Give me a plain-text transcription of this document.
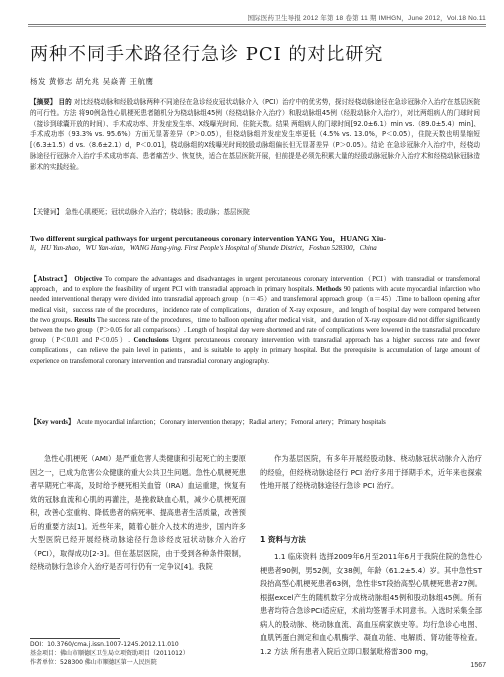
国际医药卫生导报 2012 年第 18 卷第 11 期 IMHGN，June 2012，Vol.18 No.11
两种不同手术路径行急诊 PCI 的对比研究
杨发 黄修志 胡允兆 吴焱菁 王航鹰
【摘要】 目的 对比经桡动脉和经股动脉两种不同途径在急诊经皮冠状动脉介入（PCI）治疗中的优劣势，探讨经桡动脉途径在急诊冠脉介入治疗在基层医院的可行性。方法 将90例急性心肌梗死患者随机分为桡动脉组45例（经桡动脉介入治疗）和股动脉组45例（经股动脉介入治疗），对比两组病人的门球时间（接诊到球囊开放的时间）、手术成功率、并发症发生率、X线曝光时间、住院天数。结果 两组病人的门球时间[92.0±6.1）min vs.（89.0±5.4）min]、手术成功率（93.3% vs. 95.6%）方面无显著差异（P＞0.05），但桡动脉组并发症发生率更低（4.5% vs. 13.0%，P＜0.05），住院天数也明显缩短[（6.3±1.5）d vs.（8.6±2.1）d，P＜0.01]，桡动脉组的X线曝光时间较股动脉组偏长但无显著差异（P＞0.05）。结论 在急诊冠脉介入治疗中，经桡动脉途径行冠脉介入治疗手术成功率高、患者痛苦少、恢复快，适合在基层医院开展，但前提是必须先积累大量的经股动脉冠脉介入治疗术和经桡动脉冠脉造影术的实践经验。
【关键词】 急性心肌梗死；冠状动脉介入治疗；桡动脉；股动脉；基层医院
Two different surgical pathways for urgent percutaneous coronary intervention YANG You，HUANG Xiu-
li，HU Yun-zhao，WU Yan-xian，WANG Hang-ying. First People's Hospital of Shunde District，Foshan 528300，China
【Abstract】 Objective To compare the advantages and disadvantages in urgent percutaneous coronary intervention（PCI）with transradial or transfemoral approach，and to explore the feasibility of urgent PCI with transradial approach in primary hospitals. Methods 90 patients with acute myocardial infarction who needed interventional therapy were divided into transradial approach group（n＝45）and transfemoral approach group（n＝45）.Time to balloon opening after medical visit，success rate of the procedures，incidence rate of complications，duration of X-ray exposure，and length of hospital day were compared between the two groups. Results The success rate of the procedures，time to balloon opening after medical visit，and duration of X-ray exposure did not differ significantly between the two group（P＞0.05 for all comparisons）. Length of hospital day were shortened and rate of complications were lowered in the transradial procedure group（P＜0.01 and P＜0.05）. Conclusions Urgent percutaneous coronary intervention with transradial approach has a higher success rate and fewer complications，can relieve the pain level in patients，and is suitable to apply in primary hospital. But the prerequisite is accumulation of large amount of experience on transfemoral coronary intervention and transradial coronary angiography.
【Key words】 Acute myocardial infarction；Coronary intervention therapy；Radial artery；Femoral artery；Primary hospitals
急性心肌梗死（AMI）是严重危害人类健康和引起死亡的主要原因之一，已成为危害公众健康的重大公共卫生问题。急性心肌梗死患者早期死亡率高，及时给予梗死相关血管（IRA）血运重建，恢复有效的冠脉血流和心肌的再灌注，是挽救缺血心肌，减少心肌梗死面积，改善心室重构、降低患者的病死率、提高患者生活质量，改善预后的重要方法[1]。近些年来，随着心脏介入技术的进步，国内许多大型医院已经开展经桡动脉途径行急诊经皮冠状动脉介入治疗（PCI），取得成功[2-3]。但在基层医院，由于受到各种条件限制，经桡动脉行急诊介入治疗是否可行仍有一定争议[4]。我院
作为基层医院，有多年开展经股动脉、桡动脉冠状动脉介入治疗的经验，但经桡动脉途径行 PCI 治疗多用于择期手术，近年来也探索性地开展了经桡动脉途径行急诊 PCI 治疗。
1 资料与方法
1.1 临床资料 选择2009年6月至2011年6月于我院住院的急性心梗患者90例，男52例，女38例，年龄（61.2±5.4）岁。其中急性ST段抬高型心肌梗死患者63例，急性非ST段抬高型心肌梗死患者27例。根据excel产生的随机数字分成桡动脉组45例和股动脉组45例。所有患者均符合急诊PCI适应症，术前均签署手术同意书。入选时采集全部病人的股动脉、桡动脉血流、高血压病家族史等。均行急诊心电图、血肌钙蛋白测定和血心肌酶学、凝血功能、电解质、肾功能等检查。1.2 方法 所有患者入院后立即口服氯吡格雷300 mg，
DOI：10.3760/cma.j.issn.1007-1245.2012.11.010
基金项目：佛山市顺德区卫生局立项资助项目（2011012）
作者单位：528300 佛山市顺德区第一人民医院	1567
